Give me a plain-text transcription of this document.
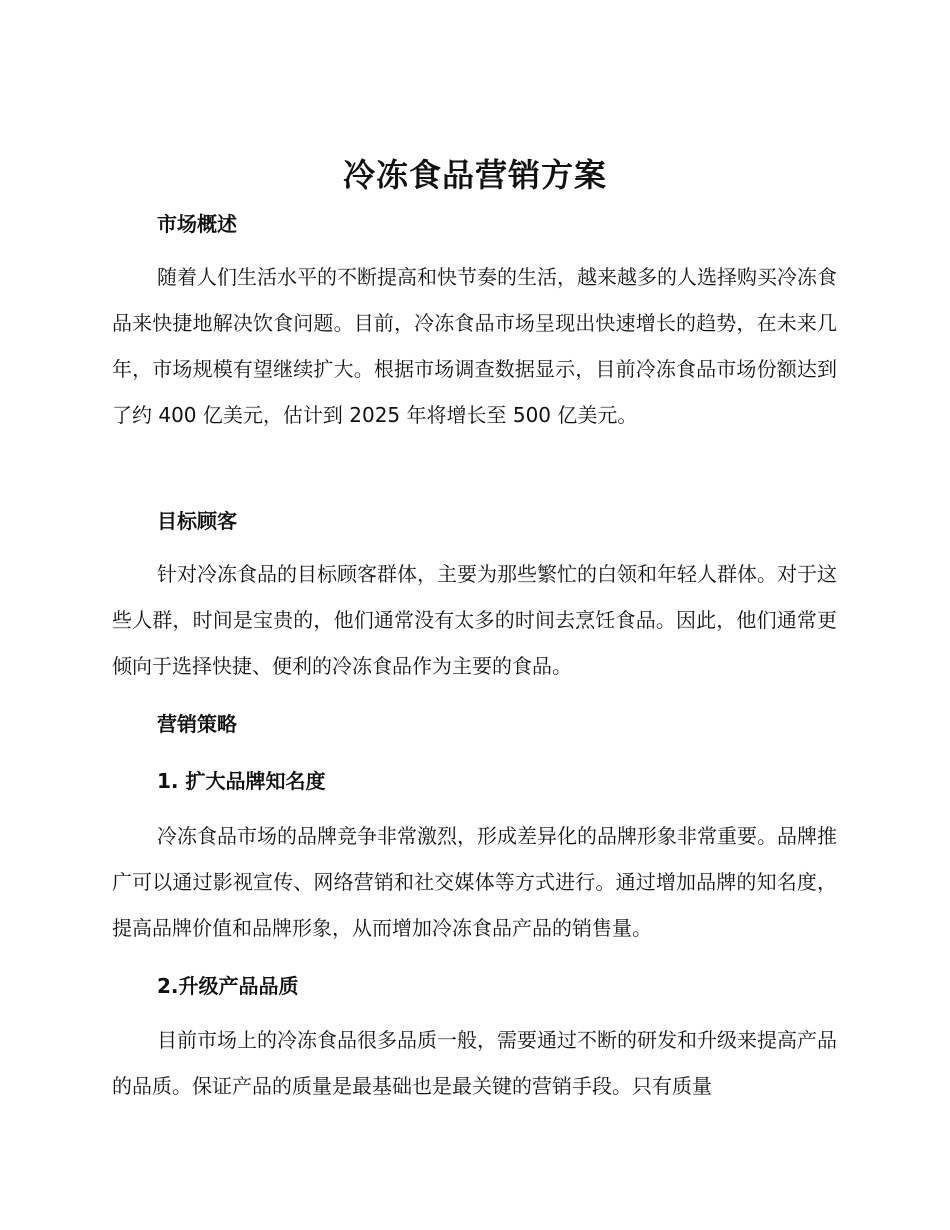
冷冻食品营销方案
市场概述
随着人们生活水平的不断提高和快节奏的生活，越来越多的人选择购买冷冻食品来快捷地解决饮食问题。目前，冷冻食品市场呈现出快速增长的趋势，在未来几年，市场规模有望继续扩大。根据市场调查数据显示，目前冷冻食品市场份额达到了约 400 亿美元，估计到 2025 年将增长至 500 亿美元。
目标顾客
针对冷冻食品的目标顾客群体，主要为那些繁忙的白领和年轻人群体。对于这些人群，时间是宝贵的，他们通常没有太多的时间去烹饪食品。因此，他们通常更倾向于选择快捷、便利的冷冻食品作为主要的食品。
营销策略
1. 扩大品牌知名度
冷冻食品市场的品牌竞争非常激烈，形成差异化的品牌形象非常重要。品牌推广可以通过影视宣传、网络营销和社交媒体等方式进行。通过增加品牌的知名度，提高品牌价值和品牌形象，从而增加冷冻食品产品的销售量。
2.升级产品品质
目前市场上的冷冻食品很多品质一般，需要通过不断的研发和升级来提高产品的品质。保证产品的质量是最基础也是最关键的营销手段。只有质量
